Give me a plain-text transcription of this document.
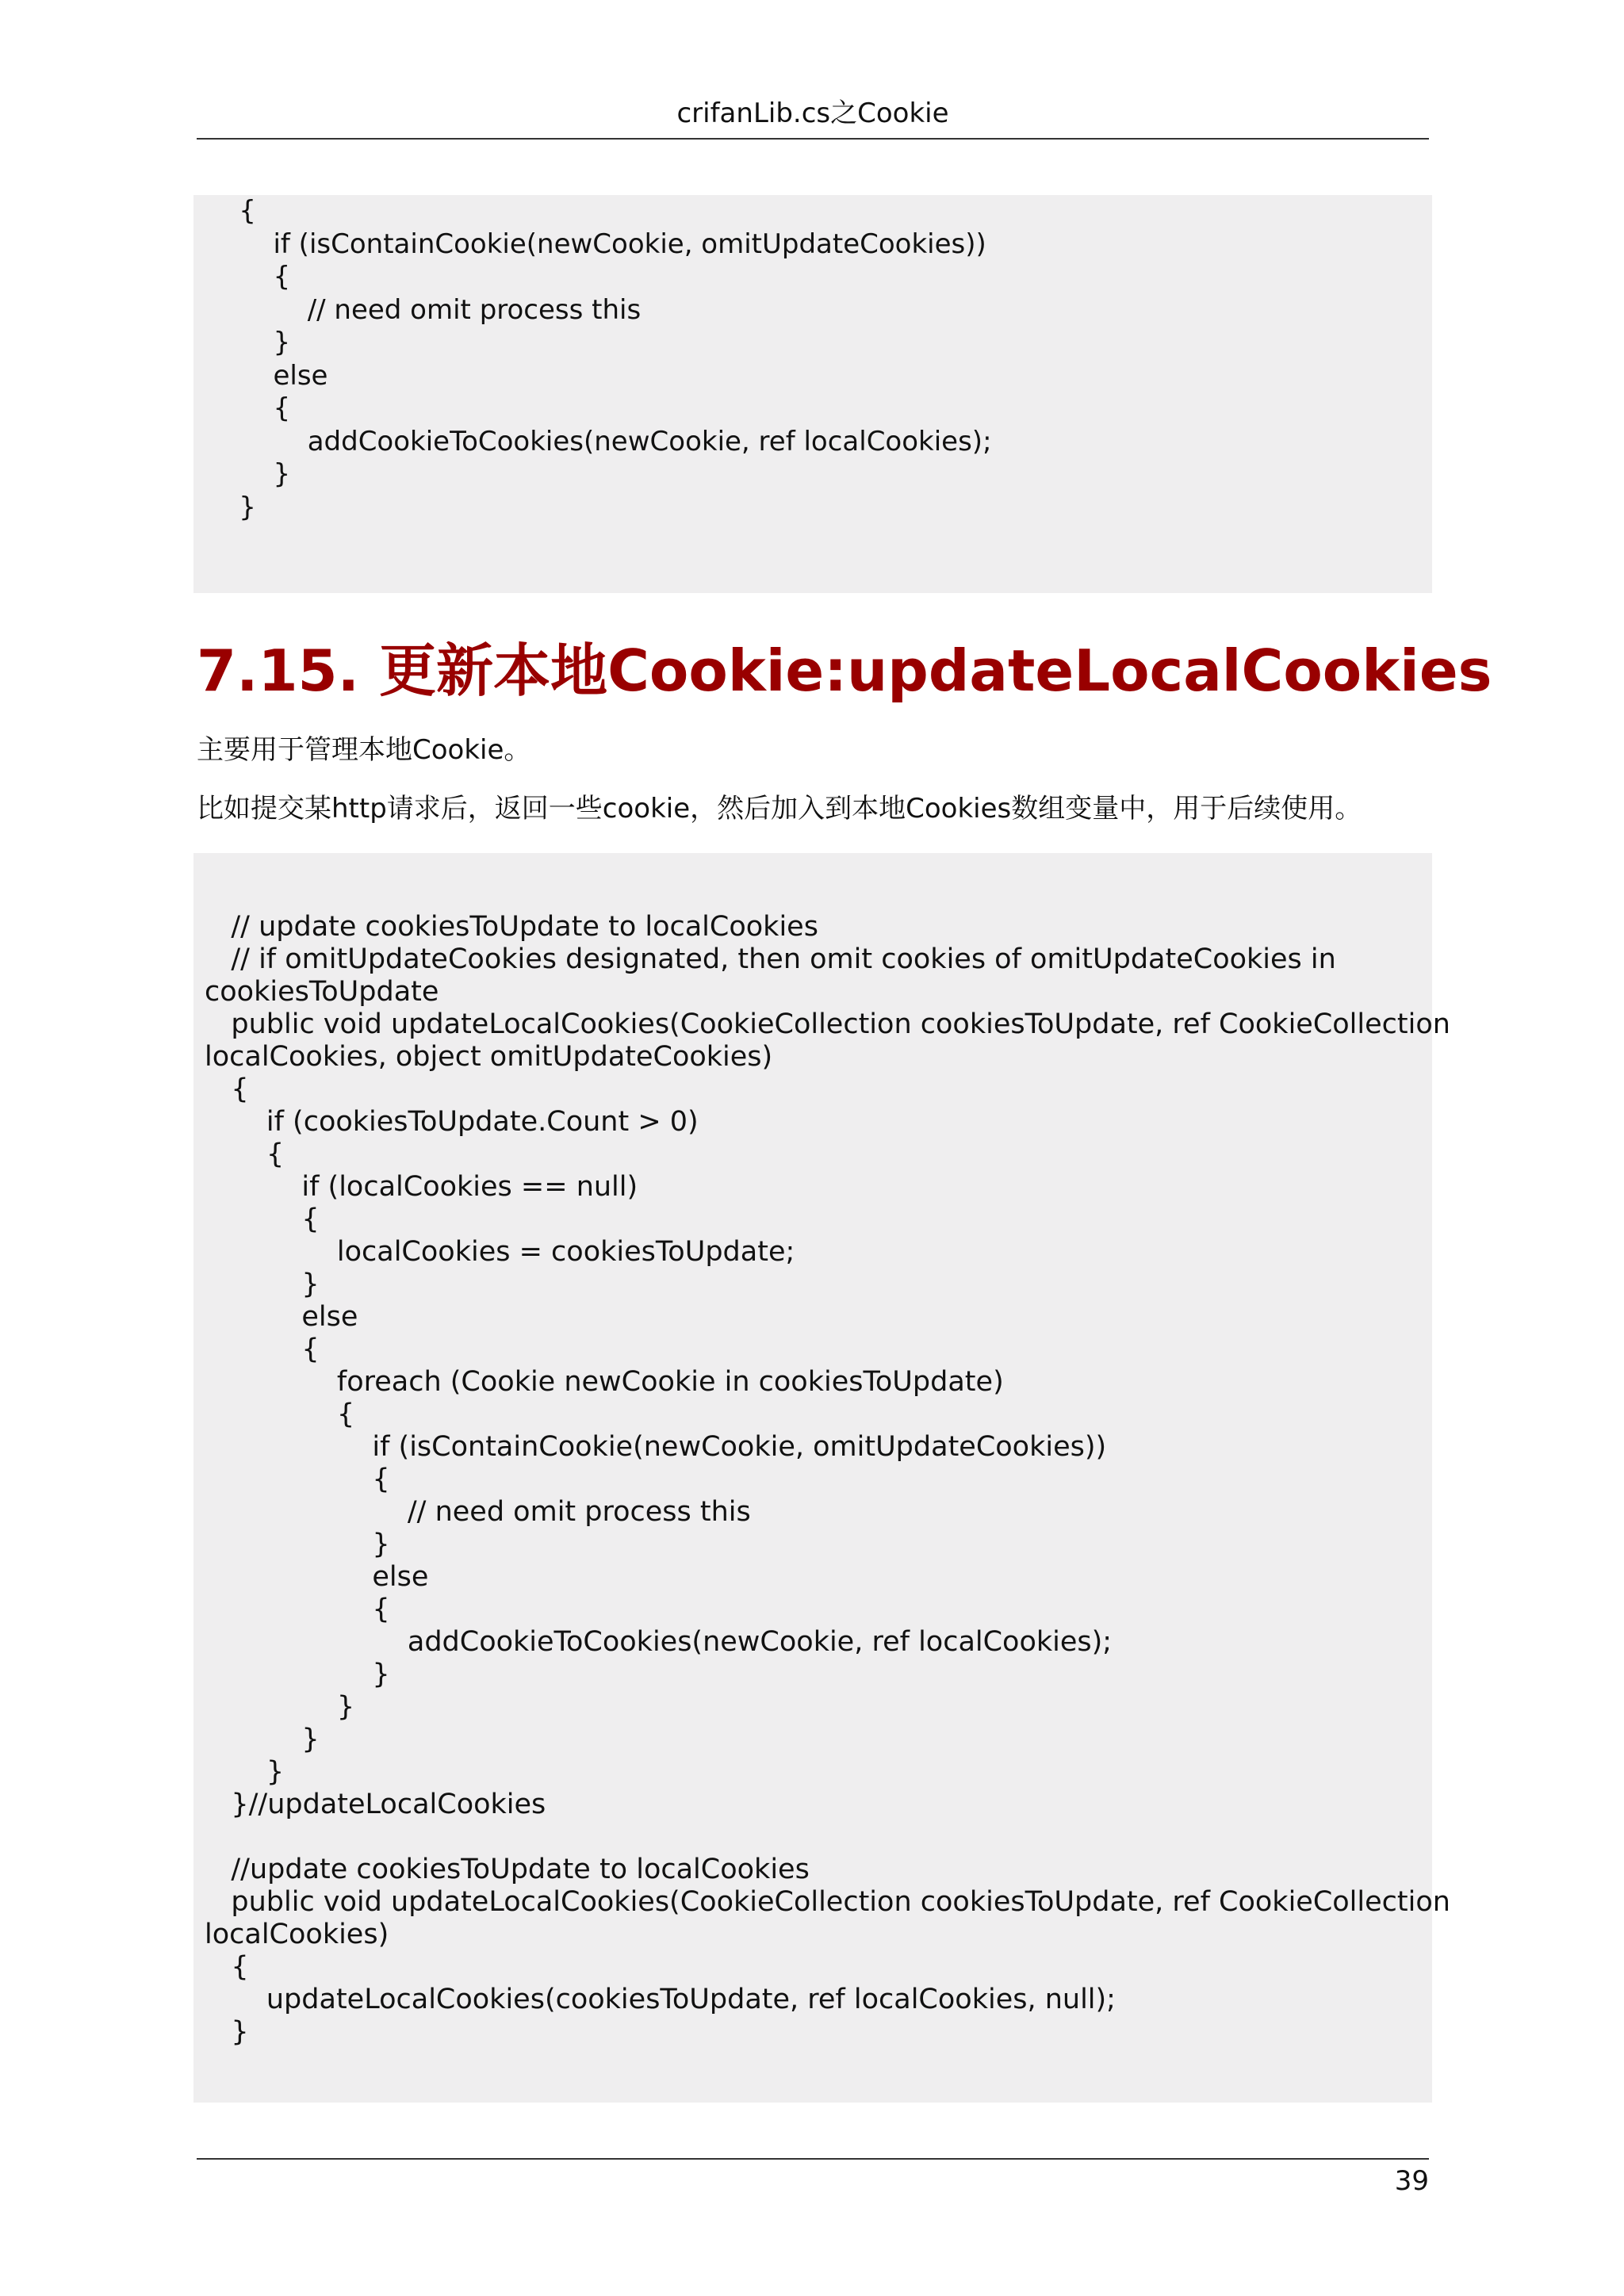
crifanLib.cs之Cookie
{
if (isContainCookie(newCookie, omitUpdateCookies))
{
// need omit process this
}
else
{
addCookieToCookies(newCookie, ref localCookies);
}
}
7.15. 更新本地Cookie:updateLocalCookies
主要用于管理本地Cookie。
比如提交某http请求后，返回一些cookie，然后加入到本地Cookies数组变量中，用于后续使用。
// update cookiesToUpdate to localCookies
// if omitUpdateCookies designated, then omit cookies of omitUpdateCookies in
cookiesToUpdate
public void updateLocalCookies(CookieCollection cookiesToUpdate, ref CookieCollection
localCookies, object omitUpdateCookies)
{
if (cookiesToUpdate.Count > 0)
{
if (localCookies == null)
{
localCookies = cookiesToUpdate;
}
else
{
foreach (Cookie newCookie in cookiesToUpdate)
{
if (isContainCookie(newCookie, omitUpdateCookies))
{
// need omit process this
}
else
{
addCookieToCookies(newCookie, ref localCookies);
}
}
}
}
}//updateLocalCookies
//update cookiesToUpdate to localCookies
public void updateLocalCookies(CookieCollection cookiesToUpdate, ref CookieCollection
localCookies)
{
updateLocalCookies(cookiesToUpdate, ref localCookies, null);
}
39
